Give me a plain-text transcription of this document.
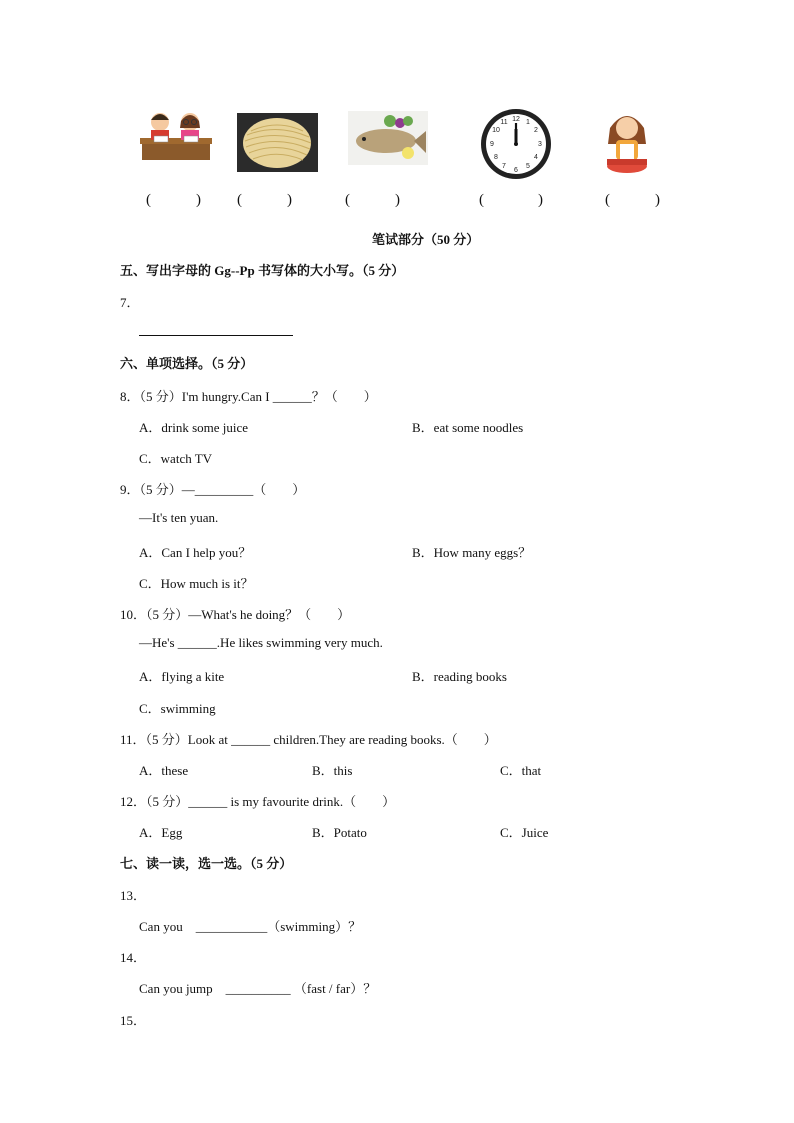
12 1
2
3
4
5
6
7
8
9
10
11
(	) (	)	(	)	(	)	(	)
笔试部分（50 分）
五、写出字母的 Gg--Pp 书写体的大小写。（5 分）
7．
六、单项选择。（5 分）
8．（5 分）I'm hungry.Can I ______？（　　）
A．drink some juice	B．eat some noodles
C．watch TV
9．（5 分）—_________（　　）
—It's ten yuan.
A．Can I help you？	B．How many eggs？
C．How much is it？
10．（5 分）—What's he doing？（　　）
—He's ______.He likes swimming very much.
A．flying a kite	B．reading books
C．swimming
11．（5 分）Look at ______ children.They are reading books.（　　）
A．these	B．this	C．that
12．（5 分）______ is my favourite drink.（　　）
A．Egg	B．Potato	C．Juice
七、读一读，选一选。（5 分）
13．
Can you　___________（swimming）？
14．
Can you jump　__________ （fast / far）？
15．
